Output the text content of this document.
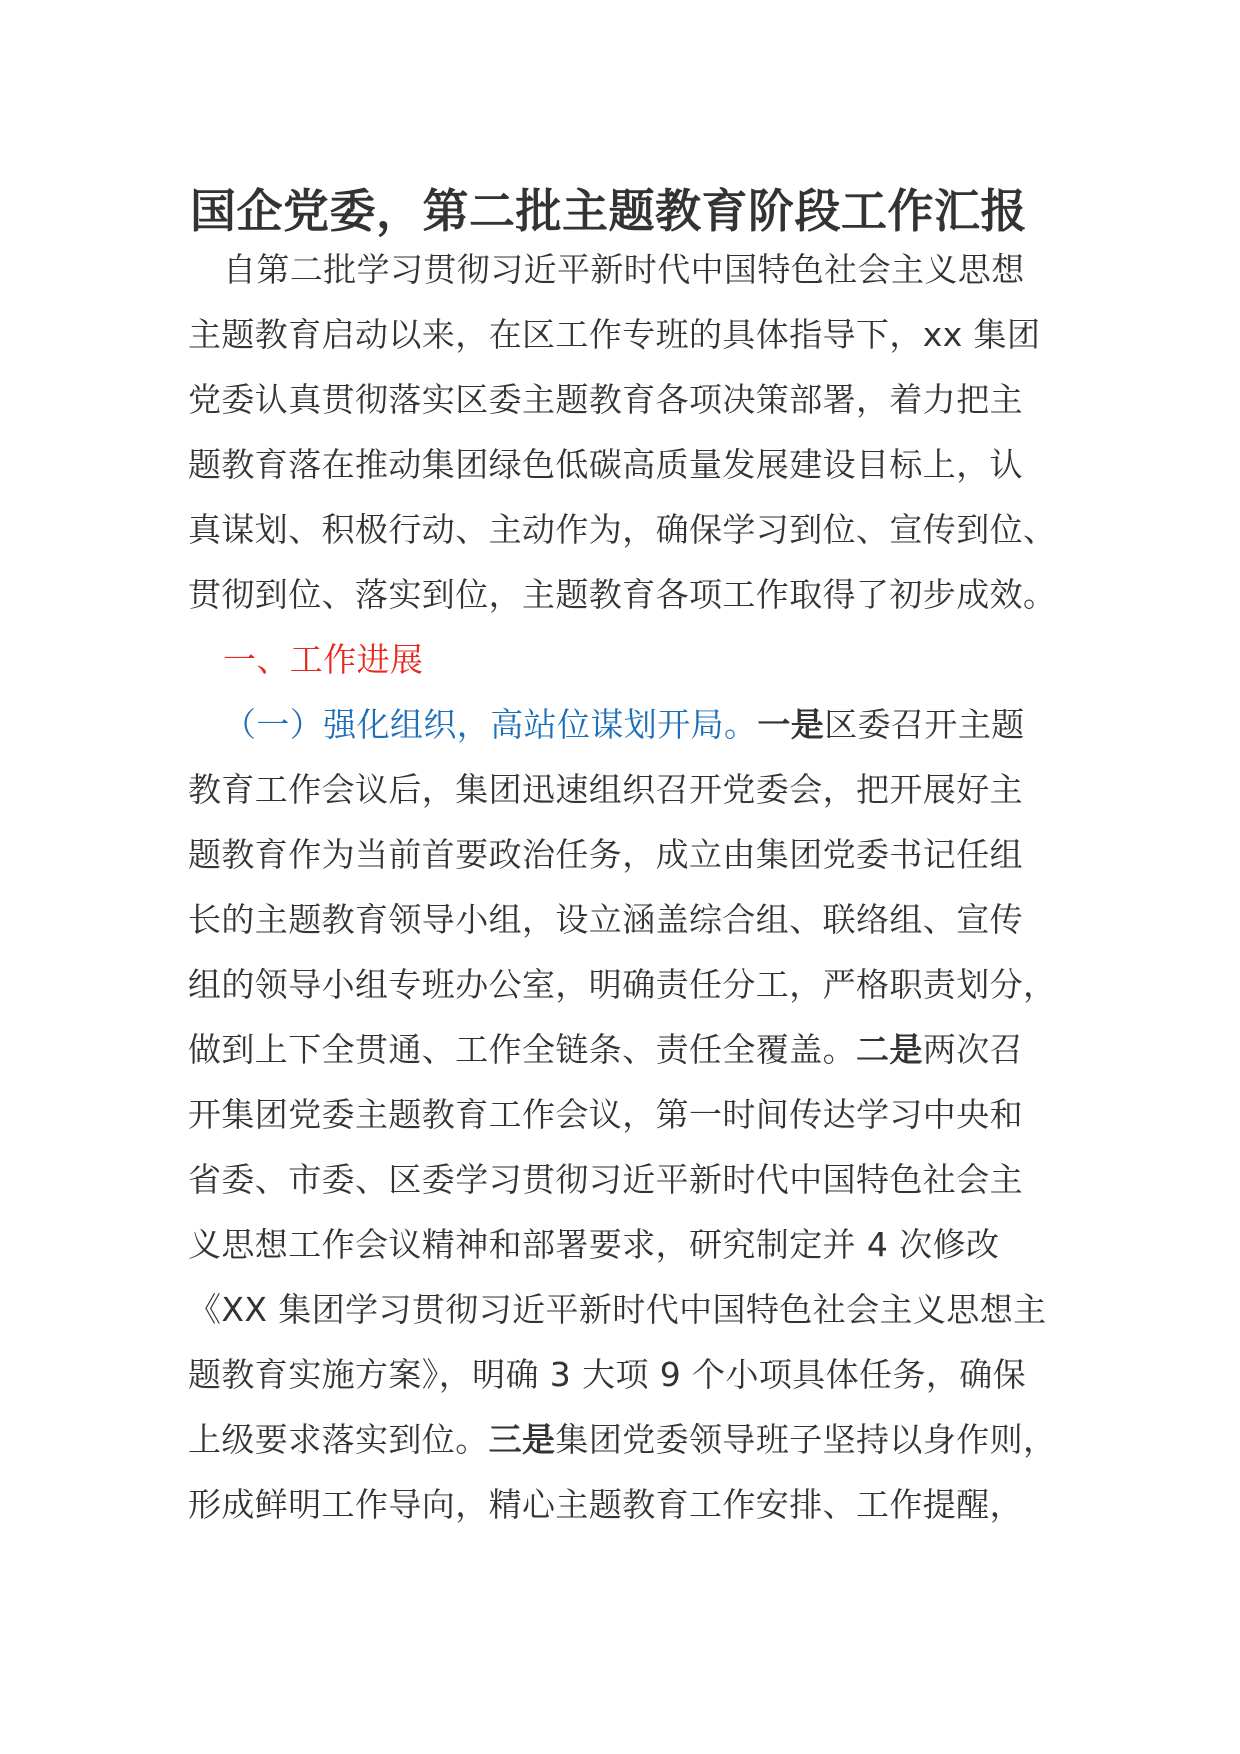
国企党委，第二批主题教育阶段工作汇报
自第二批学习贯彻习近平新时代中国特色社会主义思想
主题教育启动以来，在区工作专班的具体指导下，xx 集团
党委认真贯彻落实区委主题教育各项决策部署，着力把主
题教育落在推动集团绿色低碳高质量发展建设目标上，认
真谋划、积极行动、主动作为，确保学习到位、宣传到位、
贯彻到位、落实到位，主题教育各项工作取得了初步成效。
一、工作进展
（一）强化组织，高站位谋划开局。一是区委召开主题
教育工作会议后，集团迅速组织召开党委会，把开展好主
题教育作为当前首要政治任务，成立由集团党委书记任组
长的主题教育领导小组，设立涵盖综合组、联络组、宣传
组的领导小组专班办公室，明确责任分工，严格职责划分，
做到上下全贯通、工作全链条、责任全覆盖。二是两次召
开集团党委主题教育工作会议，第一时间传达学习中央和
省委、市委、区委学习贯彻习近平新时代中国特色社会主
义思想工作会议精神和部署要求，研究制定并 4 次修改
《XX 集团学习贯彻习近平新时代中国特色社会主义思想主
题教育实施方案》，明确 3 大项 9 个小项具体任务，确保
上级要求落实到位。三是集团党委领导班子坚持以身作则，
形成鲜明工作导向，精心主题教育工作安排、工作提醒，
